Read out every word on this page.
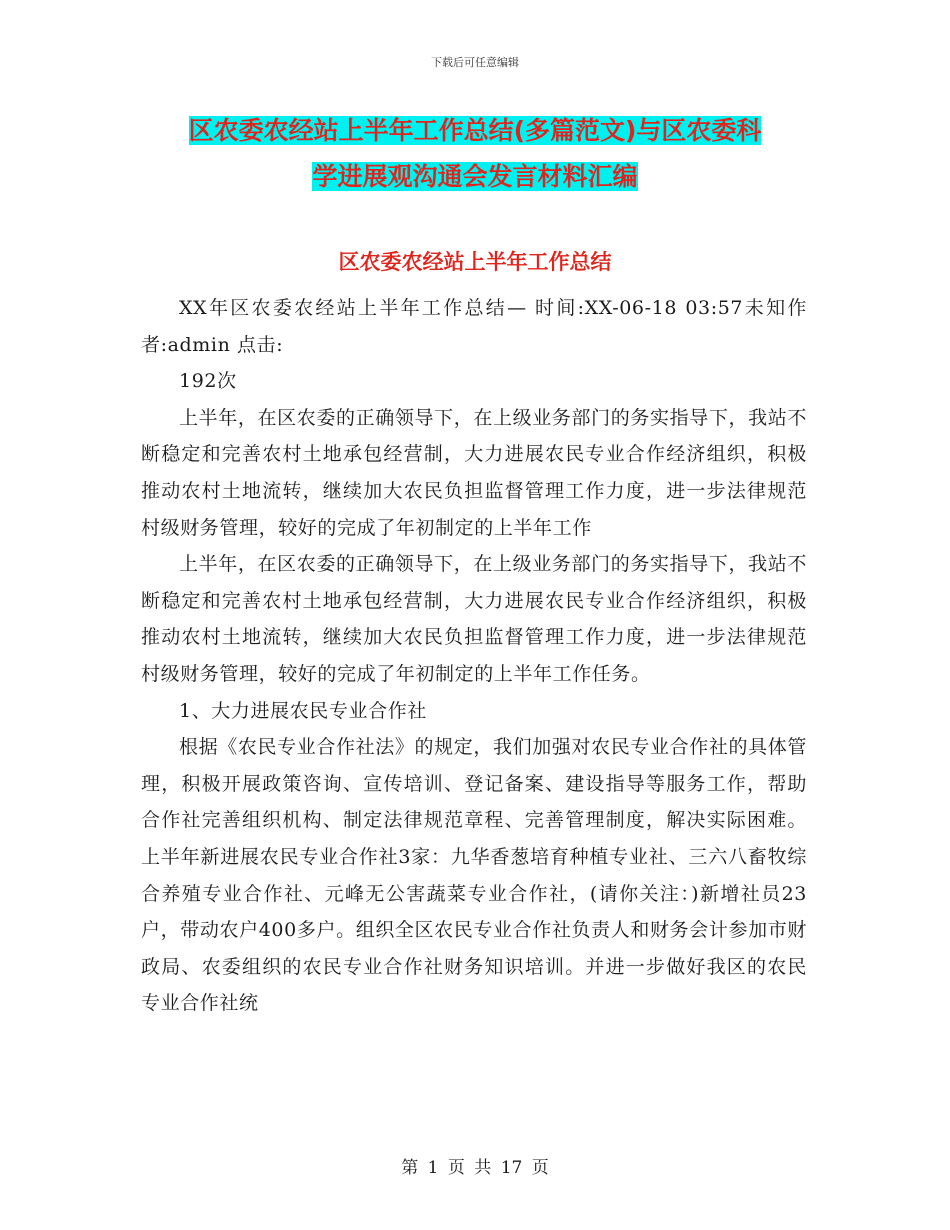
下载后可任意编辑
区农委农经站上半年工作总结(多篇范文)与区农委科
学进展观沟通会发言材料汇编
区农委农经站上半年工作总结

XX年区农委农经站上半年工作总结— 时间:XX-06-18 03:57未知作者:admin 点击:

192次

上半年，在区农委的正确领导下，在上级业务部门的务实指导下，我站不断稳定和完善农村土地承包经营制，大力进展农民专业合作经济组织，积极推动农村土地流转，继续加大农民负担监督管理工作力度，进一步法律规范村级财务管理，较好的完成了年初制定的上半年工作

上半年，在区农委的正确领导下，在上级业务部门的务实指导下，我站不断稳定和完善农村土地承包经营制，大力进展农民专业合作经济组织，积极推动农村土地流转，继续加大农民负担监督管理工作力度，进一步法律规范村级财务管理，较好的完成了年初制定的上半年工作任务。

1、大力进展农民专业合作社

根据《农民专业合作社法》的规定，我们加强对农民专业合作社的具体管理，积极开展政策咨询、宣传培训、登记备案、建设指导等服务工作，帮助合作社完善组织机构、制定法律规范章程、完善管理制度，解决实际困难。上半年新进展农民专业合作社3家：九华香葱培育种植专业社、三六八畜牧综合养殖专业合作社、元峰无公害蔬菜专业合作社，(请你关注：)新增社员23户，带动农户400多户。组织全区农民专业合作社负责人和财务会计参加市财政局、农委组织的农民专业合作社财务知识培训。并进一步做好我区的农民专业合作社统

第 1 页 共 17 页
